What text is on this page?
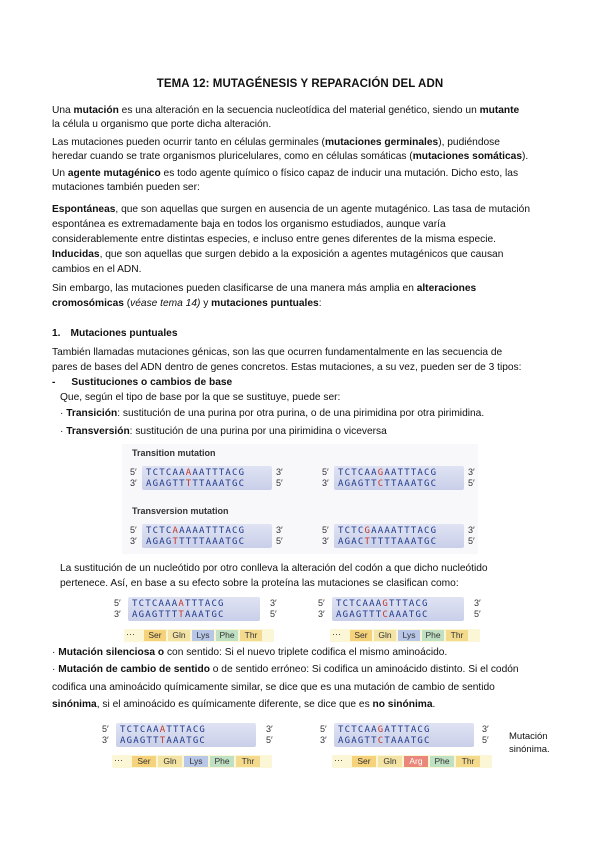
TEMA 12: MUTAGÉNESIS Y REPARACIÓN DEL ADN
Una mutación es una alteración en la secuencia nucleotídica del material genético, siendo un mutante
la célula u organismo que porte dicha alteración.
Las mutaciones pueden ocurrir tanto en células germinales (mutaciones germinales), pudiéndose
heredar cuando se trate organismos pluricelulares, como en células somáticas (mutaciones somáticas).
Un agente mutagénico es todo agente químico o físico capaz de inducir una mutación. Dicho esto, las
mutaciones también pueden ser:
Espontáneas, que son aquellas que surgen en ausencia de un agente mutagénico. Las tasa de mutación
espontánea es extremadamente baja en todos los organismo estudiados, aunque varía
considerablemente entre distintas especies, e incluso entre genes diferentes de la misma especie.
Inducidas, que son aquellas que surgen debido a la exposición a agentes mutagénicos que causan
cambios en el ADN.
Sin embargo, las mutaciones pueden clasificarse de una manera más amplia en alteraciones
cromosómicas (véase tema 14) y mutaciones puntuales:
1. Mutaciones puntuales
También llamadas mutaciones génicas, son las que ocurren fundamentalmente en las secuencia de
pares de bases del ADN dentro de genes concretos. Estas mutaciones, a su vez, pueden ser de 3 tipos:
- Sustituciones o cambios de base
Que, según el tipo de base por la que se sustituye, puede ser:
· Transición: sustitución de una purina por otra purina, o de una pirimidina por otra pirimidina.
· Transversión: sustitución de una purina por una pirimidina o viceversa
Transition mutation
5′
3′
TCTCAAAAATTTACG
AGAGTTTTTAAATGC
3′
5′
5′
3′
TCTCAAGAATTTACG
AGAGTTCTTAAATGC
3′
5′
Transversion mutation
5′
3′
TCTCAAAAATTTACG
AGAGTTTTTAAATGC
3′
5′
5′
3′
TCTCGAAAATTTACG
AGACTTTTTAAATGC
3′
5′
La sustitución de un nucleótido por otro conlleva la alteración del codón a que dicho nucleótido
pertenece. Así, en base a su efecto sobre la proteína las mutaciones se clasifican como:
5′
3′
TCTCAAAATTTACG
AGAGTTTTAAATGC
3′
5′
···	Ser	Gln	Lys	Phe	Thr
5′
3′
TCTCAAAGTTTACG
AGAGTTTCAAATGC
3′
5′
···	Ser	Gln	Lys	Phe	Thr
· Mutación silenciosa o con sentido: Si el nuevo triplete codifica el mismo aminoácido.
· Mutación de cambio de sentido o de sentido erróneo: Si codifica un aminoácido distinto. Si el codón
codifica una aminoácido químicamente similar, se dice que es una mutación de cambio de sentido
sinónima, si el aminoácido es químicamente diferente, se dice que es no sinónima.
5′
3′
TCTCAAATTTACG
AGAGTTTAAATGC
3′
5′
···	Ser	Gln	Lys	Phe	Thr
5′
3′
TCTCAAGATTTACG
AGAGTTCTAAATGC
3′
5′
···	Ser	Gln	Arg	Phe	Thr
Mutación
sinónima.
